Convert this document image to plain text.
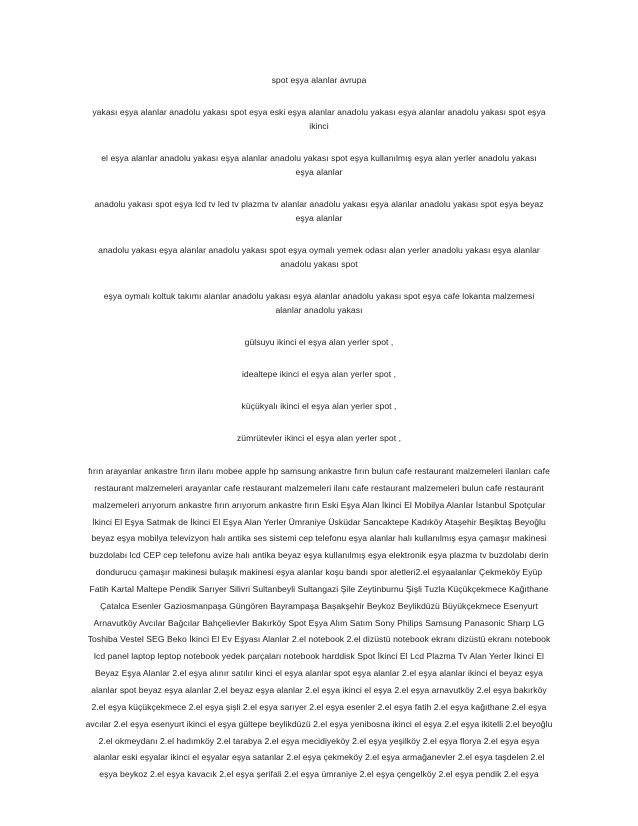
spot eşya alanlar avrupa

yakası eşya alanlar anadolu yakası spot eşya eski eşya alanlar anadolu yakası eşya alanlar anadolu yakası spot eşya ikinci

el eşya alanlar anadolu yakası eşya alanlar anadolu yakası spot eşya kullanılmış eşya alan yerler anadolu yakası eşya alanlar

anadolu yakası spot eşya lcd tv led tv plazma tv alanlar anadolu yakası eşya alanlar anadolu yakası spot eşya beyaz eşya alanlar

anadolu yakası eşya alanlar anadolu yakası spot eşya oymalı yemek odası alan yerler anadolu yakası eşya alanlar anadolu yakası spot

eşya oymalı koltuk takımı alanlar anadolu yakası eşya alanlar anadolu yakası spot eşya cafe lokanta malzemesi alanlar anadolu yakası

gülsuyu ikinci el eşya alan yerler spot ,

idealtepe ikinci el eşya alan yerler spot ,

küçükyalı ikinci el eşya alan yerler spot ,

zümrütevler ikinci el eşya alan yerler spot ,

fırın arayanlar ankastre fırın ilanı mobee apple hp samsung ankastre fırın bulun cafe restaurant malzemeleri ilanları cafe restaurant malzemeleri arayanlar cafe restaurant malzemeleri ilanı cafe restaurant malzemeleri bulun cafe restaurant malzemeleri arıyorum ankastre fırın arıyorum ankastre fırın Eski Eşya Alan İkinci El Mobilya Alanlar İstanbul Spotçular İkinci El Eşya Satmak de İkinci El Eşya Alan Yerler Ümraniye Üsküdar Sancaktepe Kadıköy Ataşehir Beşiktaş Beyoğlu beyaz eşya mobilya televizyon halı antika ses sistemi cep telefonu eşya alanlar halı kullanılmış eşya çamaşır makinesi buzdolabı lcd CEP cep telefonu avize halı antika beyaz eşya kullanılmış eşya elektronik eşya plazma tv buzdolabı derin dondurucu çamaşır makinesi bulaşık makinesi eşya alanlar koşu bandı spor aletleri2.el eşyaalanlar Çekmeköy Eyüp Fatih Kartal Maltepe Pendik Sarıyer Silivri Sultanbeyli Sultangazi Şile Zeytinburnu Şişli Tuzla Küçükçekmece Kağıthane Çatalca Esenler Gaziosmanpaşa Güngören Bayrampaşa Başakşehir Beykoz Beylikdüzü Büyükçekmece Esenyurt Arnavutköy Avcılar Bağcılar Bahçelievler Bakırköy Spot Eşya Alım Satım Sony Philips Samsung Panasonic Sharp LG Toshiba Vestel SEG Beko İkinci El Ev Eşyası Alanlar 2.el notebook 2.el dizüstü notebook ekranı dizüstü ekranı notebook lcd panel laptop leptop notebook yedek parçaları notebook harddisk Spot İkinci El Lcd Plazma Tv Alan Yerler İkinci El Beyaz Eşya Alanlar 2.el eşya alınır satılır kinci el eşya alanlar spot eşya alanlar 2.el eşya alanlar ikinci el beyaz eşya alanlar spot beyaz eşya alanlar 2.el beyaz eşya alanlar 2.el eşya ikinci el eşya 2.el eşya arnavutköy 2.el eşya bakırköy 2.el eşya küçükçekmece 2.el eşya şişli 2.el eşya sarıyer 2.el eşya esenler 2.el eşya fatih 2.el eşya kağıthane 2.el eşya avcılar 2.el eşya esenyurt ikinci el eşya gültepe beylikdüzü 2.el eşya yenibosna ikinci el eşya 2.el eşya ikitelli 2.el beyoğlu 2.el okmeydanı 2.el hadımköy 2.el tarabya 2.el eşya mecidiyeköy 2.el eşya yeşilköy 2.el eşya florya 2.el eşya eşya alanlar eski eşyalar ikinci el eşyalar eşya satanlar 2.el eşya çekmeköy 2.el eşya armağanevler 2.el eşya taşdelen 2.el eşya beykoz 2.el eşya kavacık 2.el eşya şerifali 2.el eşya ümraniye 2.el eşya çengelköy 2.el eşya pendik 2.el eşya
